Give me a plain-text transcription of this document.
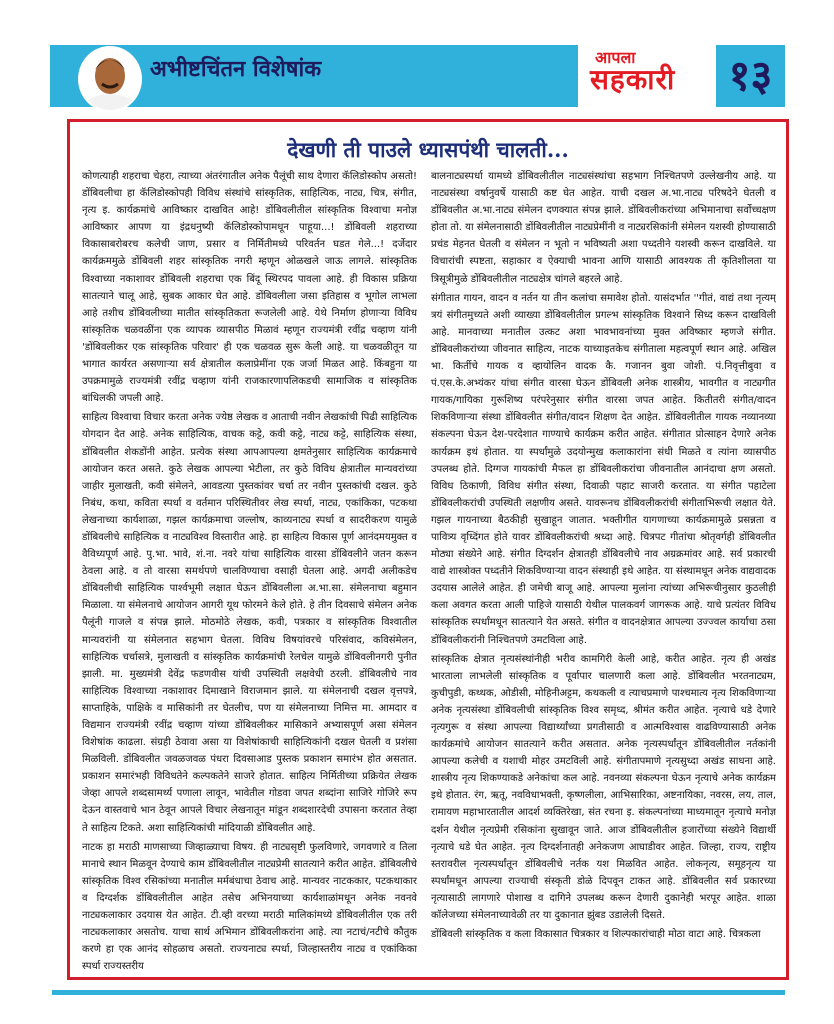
अभीष्टचिंतन विशेषांक	आपला
सहकारी	१३
देखणी ती पाउले ध्यासपंथी चालती...

कोणत्याही शहराचा चेहरा, त्याच्या अंतरंगातील अनेक पैलूंची साथ देणारा कॅलिडोस्कोप असतो! डोंबिवलीचा हा कॅलिडोस्कोपही विविध संस्थांचे सांस्कृतिक, साहित्यिक, नाट्य, चित्र, संगीत, नृत्य इ. कार्यक्रमांचे आविष्कार दाखवित आहे! डोंबिवलीतील सांस्कृतिक विश्वाचा मनोज्ञ आविष्कार आपण या इंद्रधनुष्यी कॅलिडोस्कोपामधून पाहूया...! डोंबिवली शहराच्या विकासाबरोबरच कलेची जाण, प्रसार व निर्मितीमध्ये परिवर्तन घडत गेले...! दर्जेदार कार्यक्रममुळे डोंबिवली शहर सांस्कृतिक नगरी म्हणून ओळखले जाऊ लागले. सांस्कृतिक विश्वाच्या नकाशावर डोंबिवली शहराचा एक बिंदू स्थिरपद पावला आहे. ही विकास प्रक्रिया सातत्याने चालू आहे, सुबक आकार घेत आहे. डोंबिवलीला जसा इतिहास व भूगोल लाभला आहे तशीच डोंबिवलीच्या मातीत सांस्कृतिकता रूजलेली आहे. येथे निर्माण होणाऱ्या विविध सांस्कृतिक चळवळींना एक व्यापक व्यासपीठ मिळावं म्हणून राज्यमंत्री रवींद्र चव्हाण यांनी 'डोंबिवलीकर एक सांस्कृतिक परिवार' ही एक चळवळ सुरू केली आहे. या चळवळीतून या भागात कार्यरत असणाऱ्या सर्व क्षेत्रातील कलाप्रेमींना एक जर्जा मिळत आहे. किंबहुना या उपक्रमामुळे राज्यमंत्री रवींद्र चव्हाण यांनी राजकारणापलिकडची सामाजिक व सांस्कृतिक बांधिलकी जपली आहे.

साहित्य विश्वाचा विचार करता अनेक ज्येष्ठ लेखक व आताची नवीन लेखकांची पिढी साहित्यिक योगदान देत आहे. अनेक साहित्यिक, वाचक कट्टे, कवी कट्टे, नाट्य कट्टे, साहित्यिक संस्था, डोंबिवलीत शेकडोंनी आहेत. प्रत्येक संस्था आपआपल्या क्षमतेनुसार साहित्यिक कार्यक्रमाचे आयोजन करत असते. कुठे लेखक आपल्या भेटीला, तर कुठे विविध क्षेत्रातील मान्यवरांच्या जाहीर मुलाखती, कवी संमेलने, आवडत्या पुस्तकांवर चर्चा तर नवीन पुस्तकांची दखल. कुठे निबंध, कथा, कविता स्पर्धा व वर्तमान परिस्थितीवर लेख स्पर्धा, नाट्य, एकांकिका, पटकथा लेखनाच्या कार्यशाळा, गझल कार्यक्रमाचा जल्लोष, काव्यनाट्य स्पर्धा व सादरीकरण यामुळे डोंबिवलीचे साहित्यिक व नाट्यविश्व विस्तारीत आहे. हा साहित्य विकास पूर्ण आनंदमयमुक्त व वैविध्यपूर्ण आहे. पु.भा. भावे, शं.ना. नवरे यांचा साहित्यिक वारसा डोंबिवलीने जतन करून ठेवला आहे. व तो वारसा समर्थपणे चालविण्याचा वसाही घेतला आहे. अगदी अलीकडेच डोंबिवलीची साहित्यिक पार्श्वभूमी लक्षात घेऊन डोंबिवलीला अ.भा.सा. संमेलनाचा बहुमान मिळाला. या संमेलनाचे आयोजन आगरी यूथ फोरमने केले होते. हे तीन दिवसाचे संमेलन अनेक पैलूंनी गाजले व संपन्न झाले. मोठमोठे लेखक, कवी, पत्रकार व सांस्कृतिक विश्वातील मान्यवरांनी या संमेलनात सहभाग घेतला. विविध विषयांवरचे परिसंवाद, कविसंमेलन, साहित्यिक चर्चासत्रे, मुलाखती व सांस्कृतिक कार्यक्रमांची रेलचेल यामुळे डोंबिवलीनगरी पुनीत झाली. मा. मुख्यमंत्री देवेंद्र फडणवीस यांची उपस्थिती लक्षवेधी ठरली. डोंबिवलीचे नाव साहित्यिक विश्वाच्या नकाशावर दिमाखाने विराजमान झाले. या संमेलनाची दखल वृत्तपत्रे, साप्ताहिके, पाक्षिके व मासिकांनी तर घेतलीच, पण या संमेलनाच्या निमित्त मा. आमदार व विद्यमान राज्यमंत्री रवींद्र चव्हाण यांच्या डोंबिवलीकर मासिकाने अभ्यासपूर्ण असा संमेलन विशेषांक काढला. संग्रही ठेवावा असा या विशेषांकाची साहित्यिकांनी दखल घेतली व प्रशंसा मिळविली. डोंबिवलीत जवळजवळ पंधरा दिवसाआड पुस्तक प्रकाशन समारंभ होत असतात. प्रकाशन समारंभही विविधतेने कल्पकतेने साजरे होतात. साहित्य निर्मितीच्या प्रक्रियेत लेखक जेव्हा आपले शब्दसामर्थ्य पणाला लावून, भावेतील गोडवा जपत शब्दांना साजिरे गोजिरे रूप देऊन वास्तवाचे भान ठेवून आपले विचार लेखनातून मांडून शब्दशारदेची उपासना करतात तेव्हा ते साहित्य टिकते. अशा साहित्यिकांची मांदियाळी डोंबिवलीत आहे.

नाटक हा मराठी माणसाच्या जिव्हाळ्याचा विषय. ही नाट्यसृष्टी फुलविणारे, जगवणारे व तिला मानाचे स्थान मिळवून देण्याचे काम डोंबिवलीतील नाट्यप्रेमी सातत्याने करीत आहेत. डोंबिवलीचे सांस्कृतिक विश्व रसिकांच्या मनातील मर्मबंधाचा ठेवाच आहे. मान्यवर नाटककार, पटकथाकार व दिग्दर्शक डोंबिवलीतील आहेत तसेच अभिनयाच्या कार्यशाळांमधून अनेक नवनवे नाट्यकलाकार उदयास येत आहेत. टी.व्ही वरच्या मराठी मालिकांमध्ये डोंबिवलीतील एक तरी नाट्यकलाकार असतोच. याचा सार्थ अभिमान डोंबिवलीकरांना आहे. त्या नटाचं/नटीचे कौतुक करणे हा एक आनंद सोहळाच असतो. राज्यनाट्य स्पर्धा, जिल्हास्तरीय नाट्य व एकांकिका स्पर्धा राज्यस्तरीय

बालनाट्यस्पर्धा यामध्ये डोंबिवलीतील नाट्यसंस्थांचा सहभाग निश्चितपणे उल्लेखनीय आहे. या नाट्यसंस्था वर्षानुवर्षे यासाठी कष्ट घेत आहेत. याची दखल अ.भा.नाट्य परिषदेने घेतली व डोंबिवलीत अ.भा.नाट्य संमेलन दणक्यात संपन्न झाले. डोंबिवलीकरांच्या अभिमानाचा सर्वोच्चक्षण होता तो. या संमेलनासाठी डोंबिवलीतील नाट्यप्रेमींनी व नाट्यरसिकांनी संमेलन यशस्वी होण्यासाठी प्रचंड मेहनत घेतली व संमेलन न भूतो न भविष्यती अशा पध्दतीने यशस्वी करून दाखविले. या विचारांची स्पष्टता, सहाकार व ऐक्याची भावना आणि यासाठी आवश्यक ती कृतिशीलता या त्रिसूत्रीमुळे डोंबिवलीतील नाट्यक्षेत्र चांगले बहरले आहे.

संगीतात गायन, वादन व नर्तन या तीन कलांचा समावेश होतो. यासंदर्भात ''गीतं, वाद्यं तथा नृत्यम् त्रयं संगीतमुच्यते अशी व्याख्या डोंबिवलीतील प्रगल्भ सांस्कृतिक विश्वाने सिध्द करून दाखविली आहे. मानवाच्या मनातील उत्कट अशा भावभावनांच्या मुक्त अविष्कार म्हणजे संगीत. डोंबिवलीकरांच्या जीवनात साहित्य, नाटक याच्याइतकेच संगीताला महत्वपूर्ण स्थान आहे. अखिल भा. किर्तीचे गायक व व्हायोलिन वादक कै. गजानन बुवा जोशी. पं.निवृत्तीबुवा व पं.एस.के.अभ्यंकर यांचा संगीत वारसा घेऊन डोंबिवली अनेक शास्त्रीय, भावगीत व नाट्यगीत गायक/गायिका गुरूशिष्य परंपरेनुसार संगीत वारसा जपत आहेत. कितीतरी संगीत/वादन शिकविणाऱ्या संस्था डोंबिवलीत संगीत/वादन शिक्षण देत आहेत. डोंबिवलीतील गायक नव्यानव्या संकल्पना घेऊन देश-परदेशात गाण्याचे कार्यक्रम करीत आहेत. संगीतात प्रोत्साहन देणारे अनेक कार्यक्रम इथं होतात. या स्पर्धांमुळे उदयोन्मुख कलाकारांना संधी मिळते व त्यांना व्यासपीठ उपलब्ध होते. दिग्गज गायकांची मैफल हा डोंबिवलीकरांचा जीवनातील आनंदाचा क्षण असतो. विविध ठिकाणी, विविध संगीत संस्था, दिवाळी पहाट साजरी करतात. या संगीत पहाटेला डोंबिवलीकरांची उपस्थिती लक्षणीय असते. यावरूनच डोंबिवलीकरांची संगीताभिरूची लक्षात येते. गझल गायनाच्या बैठकीही सुखाहून जातात. भक्तीगीत यागणाच्या कार्यक्रमामुळे प्रसन्नता व पावित्र्य वृध्दिंगत होते यावर डोंबिवलीकरांची श्रध्दा आहे. चित्रपट गीतांचा श्रोतृवर्गही डोंबिवलीत मोठ्या संख्येने आहे. संगीत दिग्दर्शन क्षेत्रातही डोंबिवलीचे नाव अग्रक्रमांवर आहे. सर्व प्रकारची वाद्ये शास्त्रोक्त पध्दतीने शिकविण्याऱ्या वादन संस्थाही इथे आहेत. या संस्थामधून अनेक वाद्यवादक उदयास आलेले आहेत. ही जमेची बाजू आहे. आपल्या मुलांना त्यांच्या अभिरूचीनुसार कुठलीही कला अवगत करता आली पाहिजे यासाठी येथील पालकवर्ग जागरूक आहे. याचे प्रत्यंतर विविध सांस्कृतिक स्पर्धांमधून सातत्याने येत असते. संगीत व वादनक्षेत्रात आपल्या उज्ज्वल कार्याचा ठसा डोंबिवलीकरांनी निश्चितपणे उमटविला आहे.

सांस्कृतिक क्षेत्रात नृत्यसंस्थांनीही भरीव कामगिरी केली आहे, करीत आहेत. नृत्य ही अखंड भारताला लाभलेली सांस्कृतिक व पूर्वापार चालणारी कला आहे. डोंबिवलीत भरतनाट्यम, कुचीपुडी, कथ्थक, ओडीसी, मोहिनीअट्टम, कथकली व त्याचप्रमाणे पाश्चमात्य नृत्य शिकविणाऱ्या अनेक नृत्यसंस्था डोंबिवलीची सांस्कृतिक विश्व समृध्द, श्रीमंत करीत आहेत. नृत्याचे धडे देणारे नृत्यगुरू व संस्था आपल्या विद्यार्थ्यांच्या प्रगतीसाठी व आत्मविश्वास वाढविण्यासाठी अनेक कार्यक्रमांचे आयोजन सातत्याने करीत असतात. अनेक नृत्यस्पर्धांतून डोंबिवलीतील नर्तकांनी आपल्या कलेची व यशाची मोहर उमटविली आहे. संगीतापमाणे नृत्यसुध्दा अखंड साधना आहे. शास्त्रीय नृत्य शिकण्याकडे अनेकांचा कल आहे. नवनव्या संकल्पना घेऊन नृत्याचे अनेक कार्यक्रम इथे होतात. रंग, ऋतू, नवविधाभक्ती, कृष्णलीला, आभिसारिका, अष्टनायिका, नवरस, लय, ताल, रामायण महाभारतातील आदर्श व्यक्तिरेखा, संत रचना इ. संकल्पनांच्या माध्यमातून नृत्याचे मनोज्ञ दर्शन येथील नृत्यप्रेमी रसिकांना सुखावून जाते. आज डोंबिवलीतील हजारोंच्या संख्येने विद्यार्थी नृत्याचे धडे घेत आहेत. नृत्य दिग्दर्शनातही अनेकजण आघाडीवर आहेत. जिल्हा, राज्य, राष्ट्रीय स्तरावरील नृत्यस्पर्धांतून डोंबिवलीचे नर्तक यश मिळवित आहेत. लोकनृत्य, समूहनृत्य या स्पर्धांमधून आपल्या राज्याची संस्कृती डोळे दिपवून टाकत आहे. डोंबिवलीत सर्व प्रकारच्या नृत्यासाठी लागणारे पोशाख व दागिने उपलब्ध करून देणारी दुकानेही भरपूर आहेत. शाळा कॉलेजच्या संमेलनाच्यावेळी तर या दुकानात झुंबड उडालेली दिसते.

डोंबिवली सांस्कृतिक व कला विकासात चित्रकार व शिल्पकारांचाही मोठा वाटा आहे. चित्रकला
